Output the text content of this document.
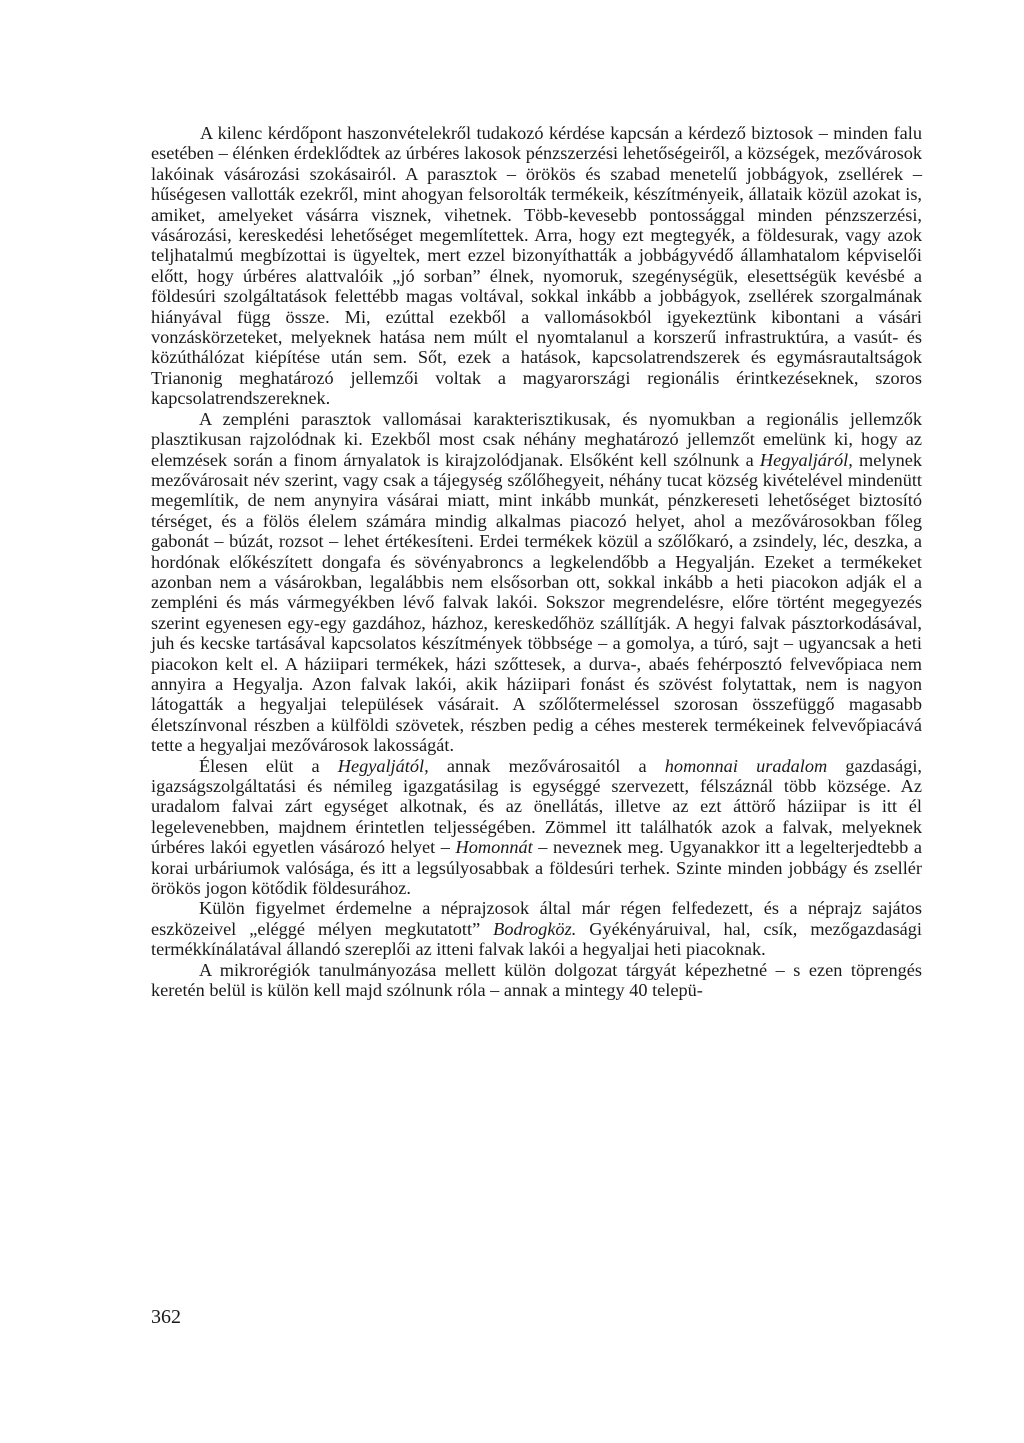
A kilenc kérdőpont haszonvételekről tudakozó kérdése kapcsán a kérdező biztosok – minden falu esetében – élénken érdeklődtek az úrbéres lakosok pénzszerzési lehetőségeiről, a községek, mezővárosok lakóinak vásározási szokásairól. A parasztok – örökös és szabad menetelű jobbágyok, zsellérek – hűségesen vallották ezekről, mint ahogyan felsorolták termékeik, készítményeik, állataik közül azokat is, amiket, amelyeket vásárra visznek, vihetnek. Több-kevesebb pontossággal minden pénzszerzési, vásározási, kereskedési lehetőséget megemlítettek. Arra, hogy ezt megtegyék, a földesurak, vagy azok teljhatalmú megbízottai is ügyeltek, mert ezzel bizonyíthatták a jobbágyvédő államhatalom képviselői előtt, hogy úrbéres alattvalóik „jó sorban” élnek, nyomoruk, szegénységük, elesettségük kevésbé a földesúri szolgáltatások felettébb magas voltával, sokkal inkább a jobbágyok, zsellérek szorgalmának hiányával függ össze. Mi, ezúttal ezekből a vallomásokból igyekeztünk kibontani a vásári vonzáskörzeteket, melyeknek hatása nem múlt el nyomtalanul a korszerű infrastruktúra, a vasút- és közúthálózat kiépítése után sem. Sőt, ezek a hatások, kapcsolatrendszerek és egymásrautaltságok Trianonig meghatározó jellemzői voltak a magyarországi regionális érintkezéseknek, szoros kapcsolatrendszereknek.

A zempléni parasztok vallomásai karakterisztikusak, és nyomukban a regionális jellemzők plasztikusan rajzolódnak ki. Ezekből most csak néhány meghatározó jellemzőt emelünk ki, hogy az elemzések során a finom árnyalatok is kirajzolódjanak. Elsőként kell szólnunk a Hegyaljáról, melynek mezővárosait név szerint, vagy csak a tájegység szőlőhegyeit, néhány tucat község kivételével mindenütt megemlítik, de nem anynyira vásárai miatt, mint inkább munkát, pénzkereseti lehetőséget biztosító térséget, és a fölös élelem számára mindig alkalmas piacozó helyet, ahol a mezővárosokban főleg gabonát – búzát, rozsot – lehet értékesíteni. Erdei termékek közül a szőlőkaró, a zsindely, léc, deszka, a hordónak előkészített dongafa és sövényabroncs a legkelendőbb a Hegyalján. Ezeket a termékeket azonban nem a vásárokban, legalábbis nem elsősorban ott, sokkal inkább a heti piacokon adják el a zempléni és más vármegyékben lévő falvak lakói. Sokszor megrendelésre, előre történt megegyezés szerint egyenesen egy-egy gazdához, házhoz, kereskedőhöz szállítják. A hegyi falvak pásztorkodásával, juh és kecske tartásával kapcsolatos készítmények többsége – a gomolya, a túró, sajt – ugyancsak a heti piacokon kelt el. A háziipari termékek, házi szőttesek, a durva-, abaés fehérposztó felvevőpiaca nem annyira a Hegyalja. Azon falvak lakói, akik háziipari fonást és szövést folytattak, nem is nagyon látogatták a hegyaljai települések vásárait. A szőlőtermeléssel szorosan összefüggő magasabb életszínvonal részben a külföldi szövetek, részben pedig a céhes mesterek termékeinek felvevőpiacává tette a hegyaljai mezővárosok lakosságát.

Élesen elüt a Hegyaljától, annak mezővárosaitól a homonnai uradalom gazdasági, igazságszolgáltatási és némileg igazgatásilag is egységgé szervezett, félszáznál több községe. Az uradalom falvai zárt egységet alkotnak, és az önellátás, illetve az ezt áttörő háziipar is itt él legelevenebben, majdnem érintetlen teljességében. Zömmel itt találhatók azok a falvak, melyeknek úrbéres lakói egyetlen vásározó helyet – Homonnát – neveznek meg. Ugyanakkor itt a legelterjedtebb a korai urbáriumok valósága, és itt a legsúlyosabbak a földesúri terhek. Szinte minden jobbágy és zsellér örökös jogon kötődik földesurához.

Külön figyelmet érdemelne a néprajzosok által már régen felfedezett, és a néprajz sajátos eszközeivel „eléggé mélyen megkutatott” Bodrogköz. Gyékényáruival, hal, csík, mezőgazdasági termékkínálatával állandó szereplői az itteni falvak lakói a hegyaljai heti piacoknak.

A mikrorégiók tanulmányozása mellett külön dolgozat tárgyát képezhetné – s ezen töprengés keretén belül is külön kell majd szólnunk róla – annak a mintegy 40 telepü-

362
